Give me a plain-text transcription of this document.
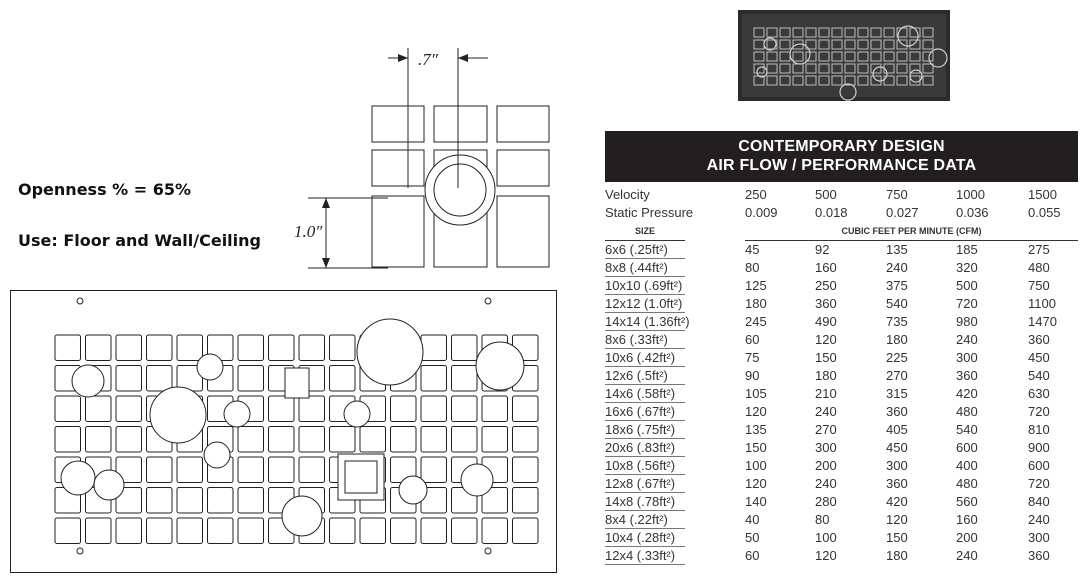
Openness % = 65%
Use: Floor and Wall/Ceiling
.7″
1.0″
CONTEMPORARY DESIGN
AIR FLOW / PERFORMANCE DATA
Velocity	250	500	750	1000	1500
Static Pressure	0.009	0.018	0.027	0.036	0.055
SIZE	CUBIC FEET PER MINUTE (CFM)				
6x6 (.25ft²)	45	92	135	185	275
8x8 (.44ft²)	80	160	240	320	480
10x10 (.69ft²)	125	250	375	500	750
12x12 (1.0ft²)	180	360	540	720	1100
14x14 (1.36ft²)	245	490	735	980	1470
8x6 (.33ft²)	60	120	180	240	360
10x6 (.42ft²)	75	150	225	300	450
12x6 (.5ft²)	90	180	270	360	540
14x6 (.58ft²)	105	210	315	420	630
16x6 (.67ft²)	120	240	360	480	720
18x6 (.75ft²)	135	270	405	540	810
20x6 (.83ft²)	150	300	450	600	900
10x8 (.56ft²)	100	200	300	400	600
12x8 (.67ft²)	120	240	360	480	720
14x8 (.78ft²)	140	280	420	560	840
8x4 (.22ft²)	40	80	120	160	240
10x4 (.28ft²)	50	100	150	200	300
12x4 (.33ft²)	60	120	180	240	360
